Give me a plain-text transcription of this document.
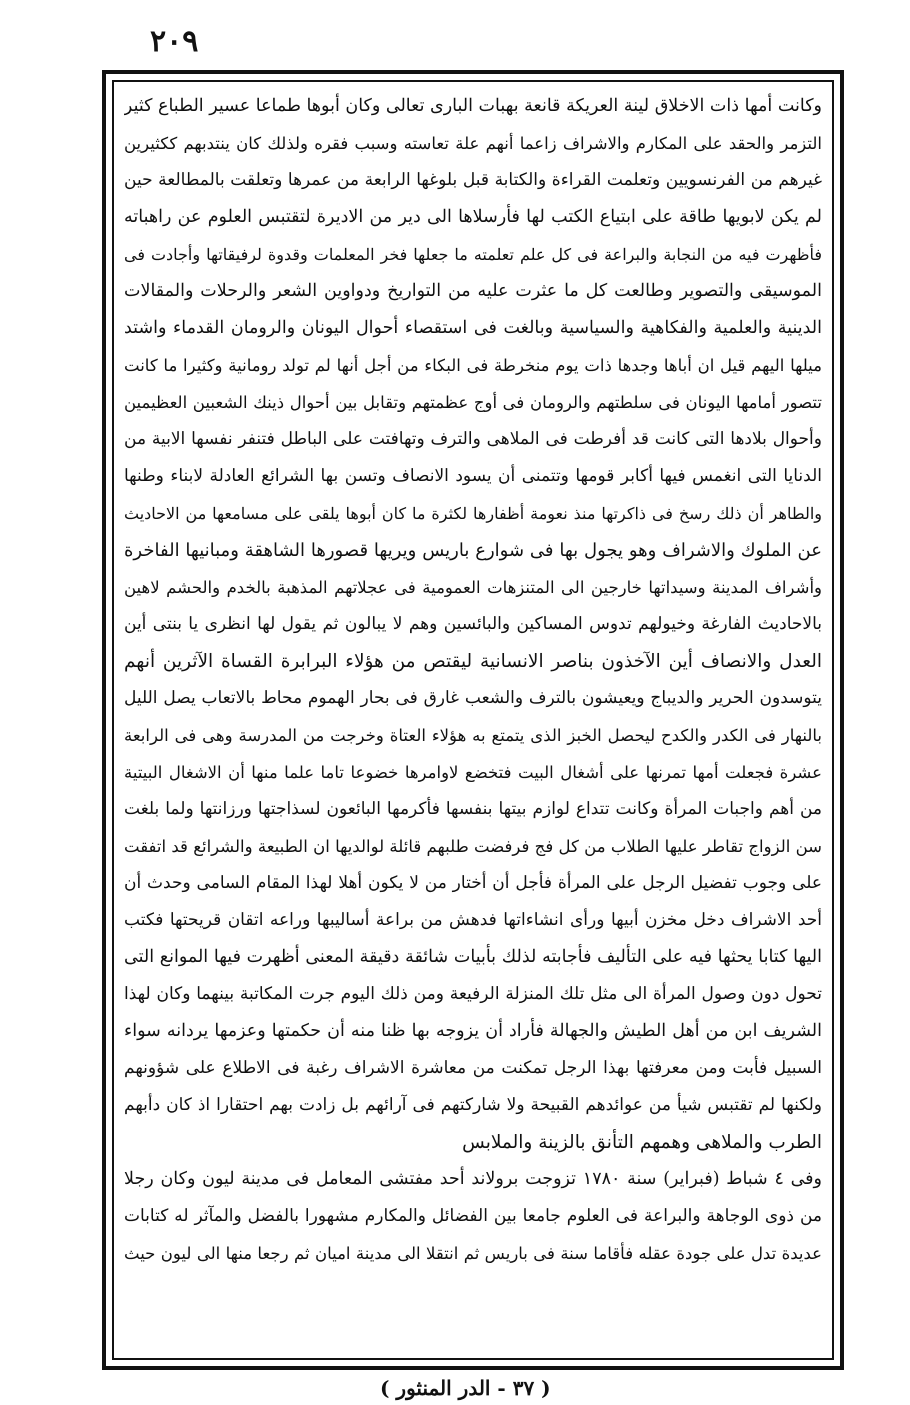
٢٠٩
وكانت أمها ذات الاخلاق لينة العريكة قانعة بهبات البارى تعالى وكان أبوها طماعا عسير الطباع كثير
التزمر والحقد على المكارم والاشراف زاعما أنهم علة تعاسته وسبب فقره ولذلك كان ينتدبهم ككثيرين
غيرهم من الفرنسويين وتعلمت القراءة والكتابة قبل بلوغها الرابعة من عمرها وتعلقت بالمطالعة حين
لم يكن لابويها طاقة على ابتياع الكتب لها فأرسلاها الى دير من الاديرة لتقتبس العلوم عن راهباته
فأظهرت فيه من النجابة والبراعة فى كل علم تعلمته ما جعلها فخر المعلمات وقدوة لرفيقاتها وأجادت فى
الموسيقى والتصوير وطالعت كل ما عثرت عليه من التواريخ ودواوين الشعر والرحلات والمقالات
الدينية والعلمية والفكاهية والسياسية وبالغت فى استقصاء أحوال اليونان والرومان القدماء واشتد
ميلها اليهم قيل ان أباها وجدها ذات يوم منخرطة فى البكاء من أجل أنها لم تولد رومانية وكثيرا ما كانت
تتصور أمامها اليونان فى سلطتهم والرومان فى أوج عظمتهم وتقابل بين أحوال ذينك الشعبين العظيمين
وأحوال بلادها التى كانت قد أفرطت فى الملاهى والترف وتهافتت على الباطل فتنفر نفسها الابية من
الدنايا التى انغمس فيها أكابر قومها وتتمنى أن يسود الانصاف وتسن بها الشرائع العادلة لابناء وطنها
والطاهر أن ذلك رسخ فى ذاكرتها منذ نعومة أظفارها لكثرة ما كان أبوها يلقى على مسامعها من الاحاديث
عن الملوك والاشراف وهو يجول بها فى شوارع باريس ويريها قصورها الشاهقة ومبانيها الفاخرة
وأشراف المدينة وسيداتها خارجين الى المتنزهات العمومية فى عجلاتهم المذهبة بالخدم والحشم لاهين
بالاحاديث الفارغة وخيولهم تدوس المساكين والبائسين وهم لا يبالون ثم يقول لها انظرى يا بنتى أين
العدل والانصاف أين الآخذون بناصر الانسانية ليقتص من هؤلاء البرابرة القساة الآثرين أنهم
يتوسدون الحرير والديباج ويعيشون بالترف والشعب غارق فى بحار الهموم محاط بالاتعاب يصل الليل
بالنهار فى الكدر والكدح ليحصل الخبز الذى يتمتع به هؤلاء العتاة وخرجت من المدرسة وهى فى الرابعة
عشرة فجعلت أمها تمرنها على أشغال البيت فتخضع لاوامرها خضوعا تاما علما منها أن الاشغال البيتية
من أهم واجبات المرأة وكانت تتداع لوازم بيتها بنفسها فأكرمها البائعون لسذاجتها ورزانتها ولما بلغت
سن الزواج تقاطر عليها الطلاب من كل فج فرفضت طلبهم قائلة لوالديها ان الطبيعة والشرائع قد اتفقت
على وجوب تفضيل الرجل على المرأة فأجل أن أختار من لا يكون أهلا لهذا المقام السامى وحدث أن
أحد الاشراف دخل مخزن أبيها ورأى انشاءاتها فدهش من براعة أساليبها وراعه اتقان قريحتها فكتب
اليها كتابا يحثها فيه على التأليف فأجابته لذلك بأبيات شائقة دقيقة المعنى أظهرت فيها الموانع التى
تحول دون وصول المرأة الى مثل تلك المنزلة الرفيعة ومن ذلك اليوم جرت المكاتبة بينهما وكان لهذا
الشريف ابن من أهل الطيش والجهالة فأراد أن يزوجه بها ظنا منه أن حكمتها وعزمها يردانه سواء
السبيل فأبت ومن معرفتها بهذا الرجل تمكنت من معاشرة الاشراف رغبة فى الاطلاع على شؤونهم
ولكنها لم تقتبس شيأ من عوائدهم القبيحة ولا شاركتهم فى آرائهم بل زادت بهم احتقارا اذ كان دأبهم
الطرب والملاهى وهمهم التأنق بالزينة والملابس
وفى ٤ شباط (فبراير) سنة ١٧٨٠ تزوجت برولاند أحد مفتشى المعامل فى مدينة ليون وكان رجلا
من ذوى الوجاهة والبراعة فى العلوم جامعا بين الفضائل والمكارم مشهورا بالفضل والمآثر له كتابات
عديدة تدل على جودة عقله فأقاما سنة فى باريس ثم انتقلا الى مدينة اميان ثم رجعا منها الى ليون حيث
( ٣٧ - الدر المنثور )
